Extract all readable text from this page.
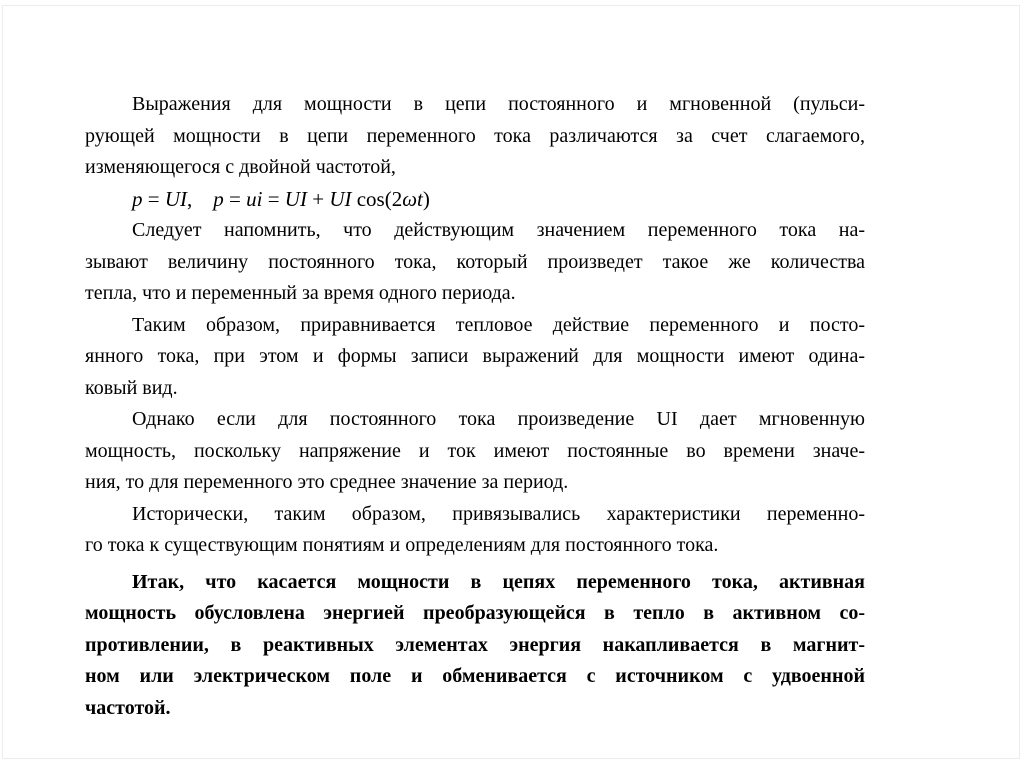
Выражения для мощности в цепи постоянного и мгновенной (пульси-
рующей мощности в цепи переменного тока различаются за счет слагаемого,
изменяющегося с двойной частотой,
p = UI, p = ui = UI + UI cos(2ωt)
Следует напомнить, что действующим значением переменного тока на-
зывают величину постоянного тока, который произведет такое же количества
тепла, что и переменный за время одного периода.
Таким образом, приравнивается тепловое действие переменного и посто-
янного тока, при этом и формы записи выражений для мощности имеют одина-
ковый вид.
Однако если для постоянного тока произведение UI дает мгновенную
мощность, поскольку напряжение и ток имеют постоянные во времени значе-
ния, то для переменного это среднее значение за период.
Исторически, таким образом, привязывались характеристики переменно-
го тока к существующим понятиям и определениям для постоянного тока.
Итак, что касается мощности в цепях переменного тока, активная
мощность обусловлена энергией преобразующейся в тепло в активном со-
противлении, в реактивных элементах энергия накапливается в магнит-
ном или электрическом поле и обменивается с источником с удвоенной
частотой.
